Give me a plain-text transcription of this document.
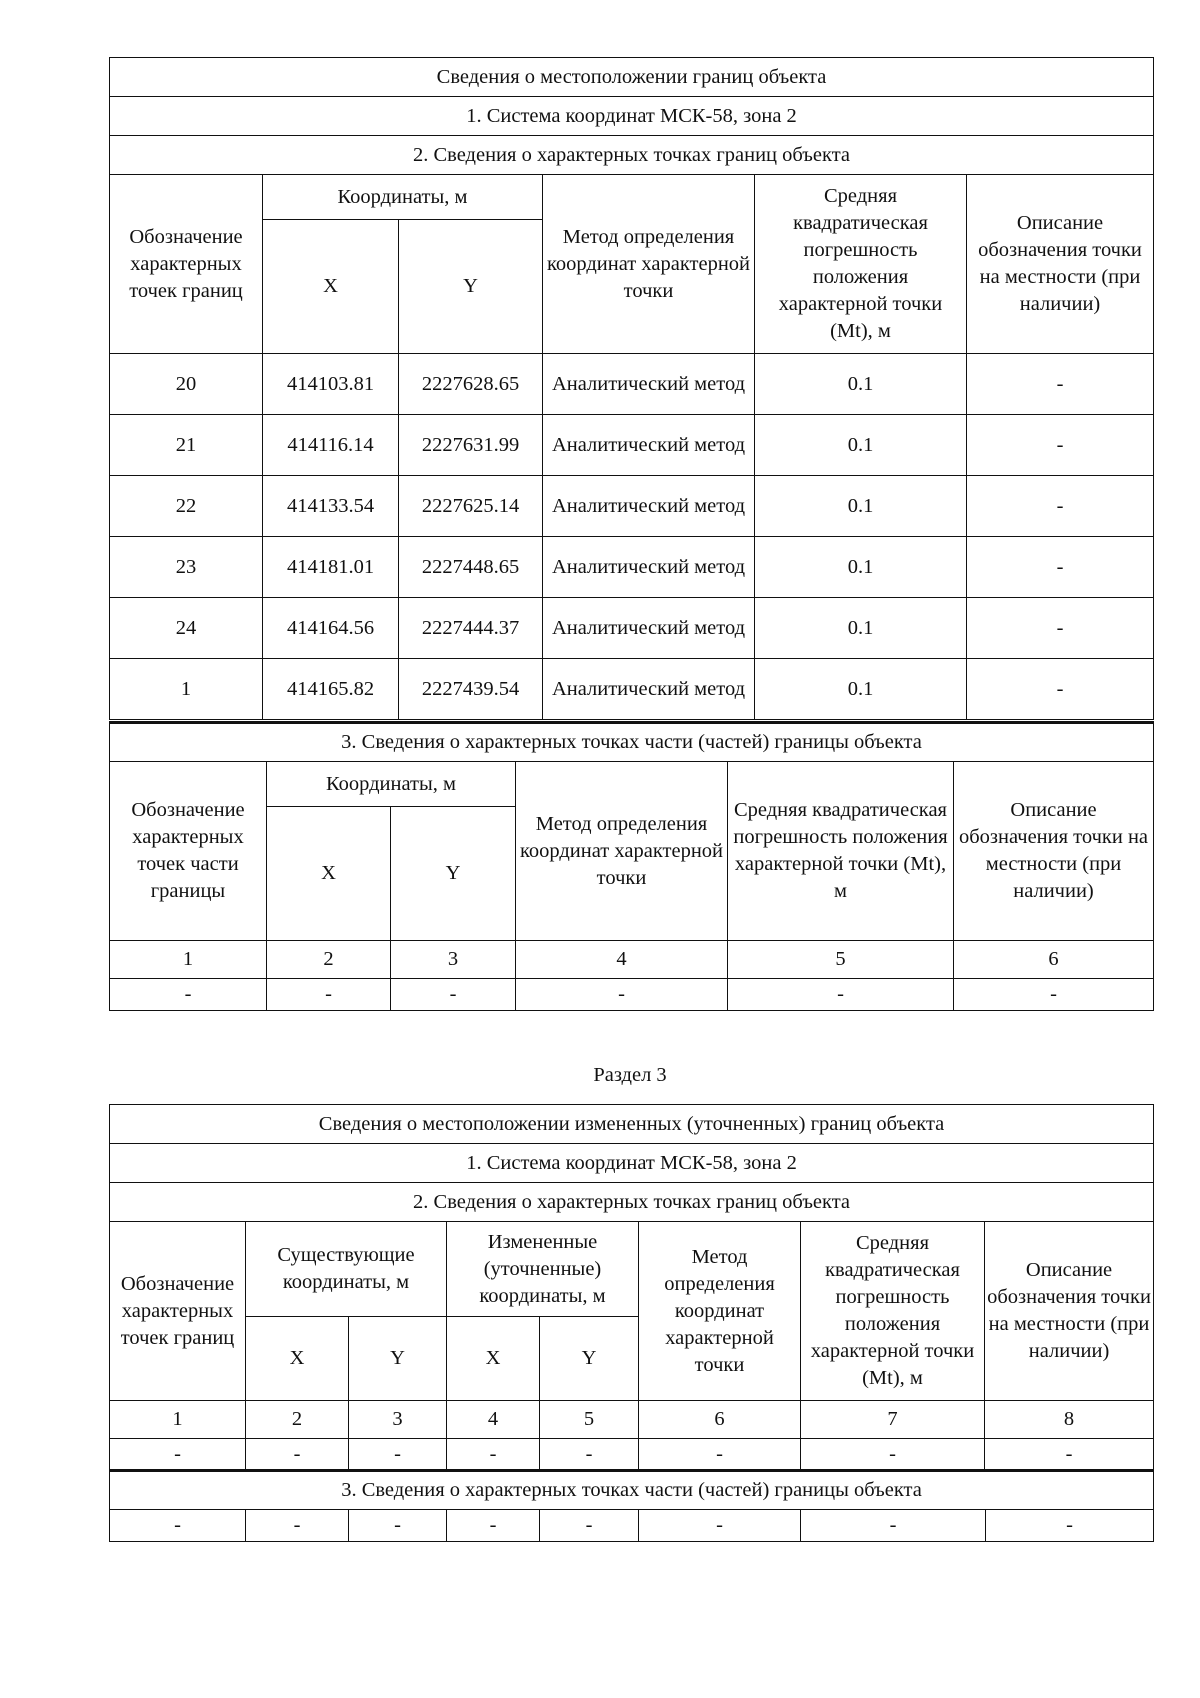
Сведения о местоположении границ объекта					
1. Система координат МСК-58, зона 2					
2. Сведения о характерных точках границ объекта					
Обозначение характерных точек границ	Координаты, м		Метод определения координат характерной точки	Средняя квадратическая погрешность положения характерной точки (Mt), м	Описание обозначения точки на местности (при наличии)
	X	Y			
20	414103.81	2227628.65	Аналитический метод	0.1	-
21	414116.14	2227631.99	Аналитический метод	0.1	-
22	414133.54	2227625.14	Аналитический метод	0.1	-
23	414181.01	2227448.65	Аналитический метод	0.1	-
24	414164.56	2227444.37	Аналитический метод	0.1	-
1	414165.82	2227439.54	Аналитический метод	0.1	-
3. Сведения о характерных точках части (частей) границы объекта					
Обозначение характерных точек части границы	Координаты, м		Метод определения координат характерной точки	Средняя квадратическая погрешность положения характерной точки (Mt), м	Описание обозначения точки на местности (при наличии)
	X	Y			
1	2	3	4	5	6
-	-	-	-	-	-
Раздел 3
Сведения о местоположении измененных (уточненных) границ объекта								
1. Система координат МСК-58, зона 2								
2. Сведения о характерных точках границ объекта								
Обозначение характерных точек границ	Существующие координаты, м		Измененные (уточненные) координаты, м		Метод определения координат характерной точки	Средняя квадратическая погрешность положения характерной точки (Mt), м	Описание обозначения точки на местности (при наличии)	
	X	Y	X	Y				
1	2	3	4	5	6	7	8	
-	-	-	-	-	-	-	-	
3. Сведения о характерных точках части (частей) границы объекта								
-	-	-	-	-	-	-	-	
